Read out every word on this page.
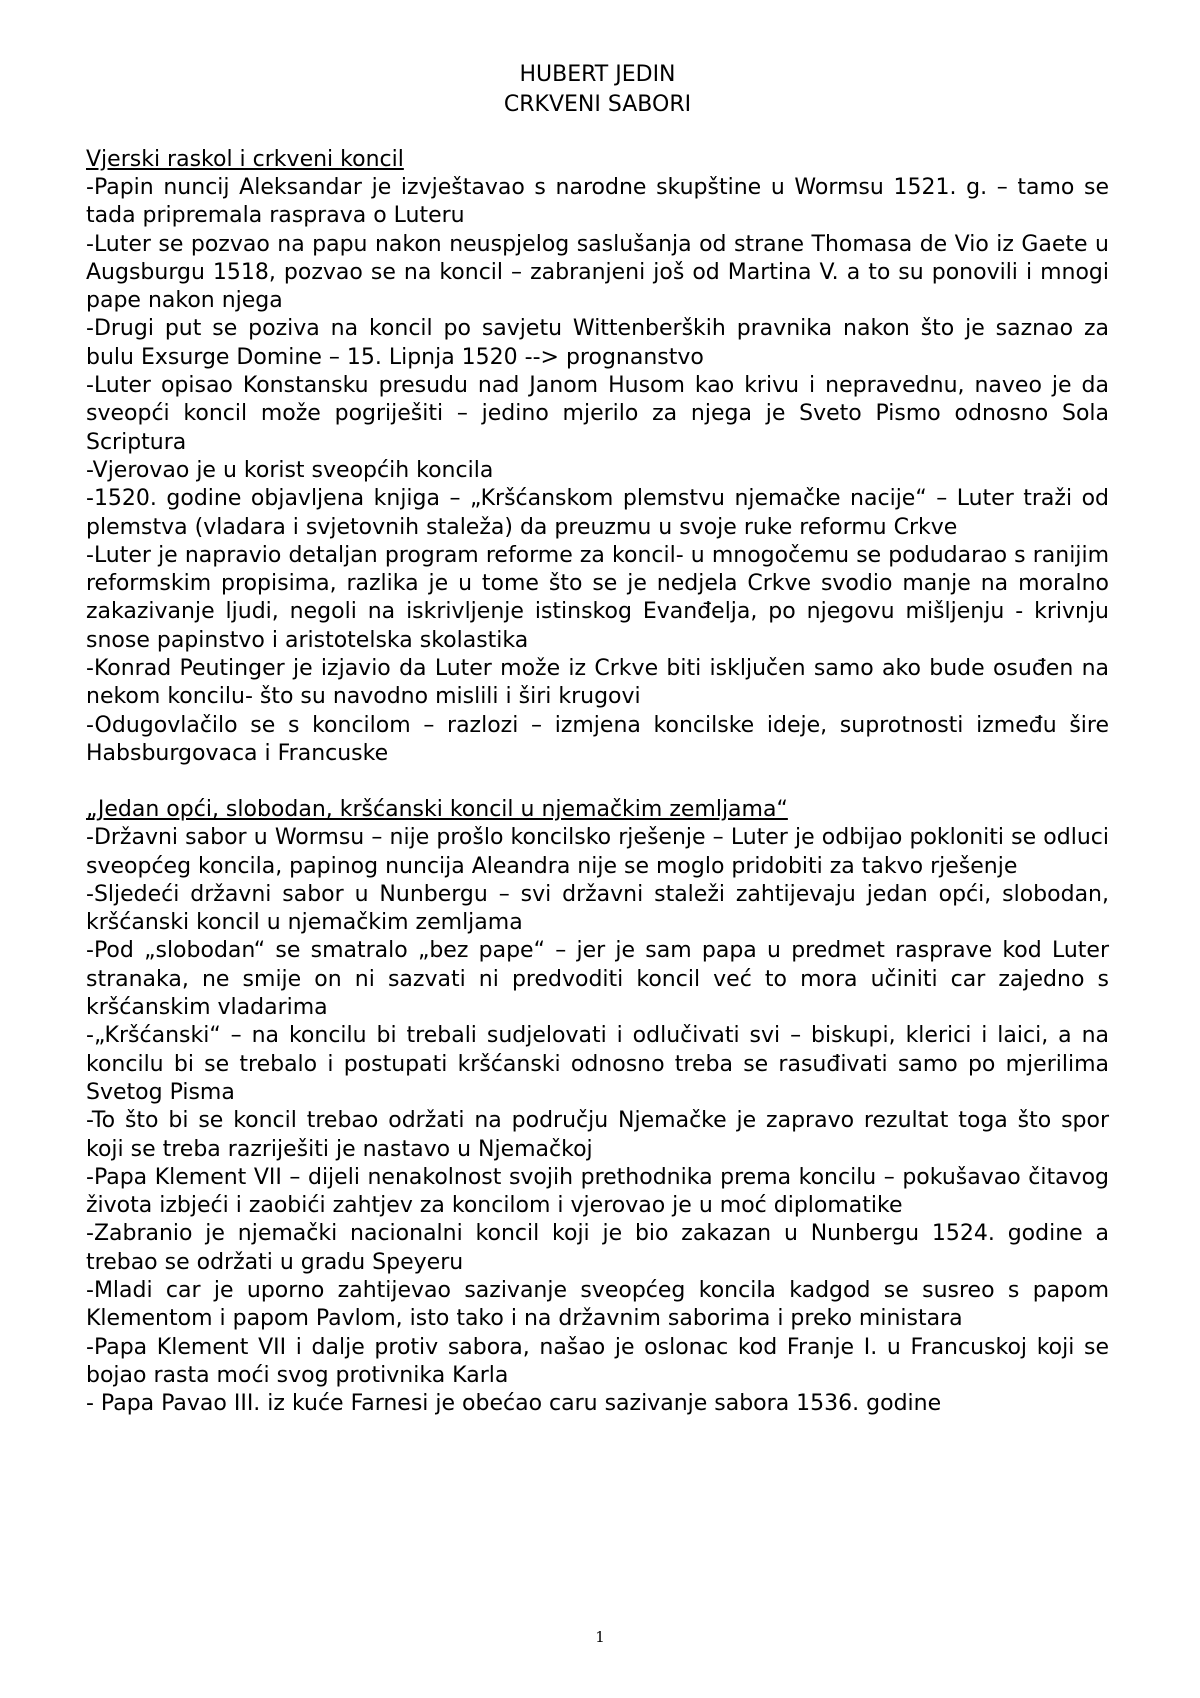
HUBERT JEDIN

CRKVENI SABORI

Vjerski raskol i crkveni koncil

-Papin nuncij Aleksandar je izvještavao s narodne skupštine u Wormsu 1521. g. – tamo se tada pripremala rasprava o Luteru

-Luter se pozvao na papu nakon neuspjelog saslušanja od strane Thomasa de Vio iz Gaete u Augsburgu 1518, pozvao se na koncil – zabranjeni još od Martina V. a to su ponovili i mnogi pape nakon njega

-Drugi put se poziva na koncil po savjetu Wittenberških pravnika nakon što je saznao za bulu Exsurge Domine – 15. Lipnja 1520 --> prognanstvo

-Luter opisao Konstansku presudu nad Janom Husom kao krivu i nepravednu, naveo je da sveopći koncil može pogriješiti – jedino mjerilo za njega je Sveto Pismo odnosno Sola Scriptura

-Vjerovao je u korist sveopćih koncila

-1520. godine objavljena knjiga – „Kršćanskom plemstvu njemačke nacije“ – Luter traži od plemstva (vladara i svjetovnih staleža) da preuzmu u svoje ruke reformu Crkve

-Luter je napravio detaljan program reforme za koncil- u mnogočemu se podudarao s ranijim reformskim propisima, razlika je u tome što se je nedjela Crkve svodio manje na moralno zakazivanje ljudi, negoli na iskrivljenje istinskog Evanđelja, po njegovu mišljenju - krivnju snose papinstvo i aristotelska skolastika

-Konrad Peutinger je izjavio da Luter može iz Crkve biti isključen samo ako bude osuđen na nekom koncilu- što su navodno mislili i širi krugovi

-Odugovlačilo se s koncilom – razlozi – izmjena koncilske ideje, suprotnosti između šire Habsburgovaca i Francuske

„Jedan opći, slobodan, kršćanski koncil u njemačkim zemljama“

-Državni sabor u Wormsu – nije prošlo koncilsko rješenje – Luter je odbijao pokloniti se odluci sveopćeg koncila, papinog nuncija Aleandra nije se moglo pridobiti za takvo rješenje

-Sljedeći državni sabor u Nunbergu – svi državni staleži zahtijevaju jedan opći, slobodan, kršćanski koncil u njemačkim zemljama

-Pod „slobodan“ se smatralo „bez pape“ – jer je sam papa u predmet rasprave kod Luter stranaka, ne smije on ni sazvati ni predvoditi koncil već to mora učiniti car zajedno s kršćanskim vladarima

-„Kršćanski“ – na koncilu bi trebali sudjelovati i odlučivati svi – biskupi, klerici i laici, a na koncilu bi se trebalo i postupati kršćanski odnosno treba se rasuđivati samo po mjerilima Svetog Pisma

-To što bi se koncil trebao održati na području Njemačke je zapravo rezultat toga što spor koji se treba razriješiti je nastavo u Njemačkoj

-Papa Klement VII – dijeli nenakolnost svojih prethodnika prema koncilu – pokušavao čitavog života izbjeći i zaobići zahtjev za koncilom i vjerovao je u moć diplomatike

-Zabranio je njemački nacionalni koncil koji je bio zakazan u Nunbergu 1524. godine a trebao se održati u gradu Speyeru

-Mladi car je uporno zahtijevao sazivanje sveopćeg koncila kadgod se susreo s papom Klementom i papom Pavlom, isto tako i na državnim saborima i preko ministara

-Papa Klement VII i dalje protiv sabora, našao je oslonac kod Franje I. u Francuskoj koji se bojao rasta moći svog protivnika Karla

- Papa Pavao III. iz kuće Farnesi je obećao caru sazivanje sabora 1536. godine

1
